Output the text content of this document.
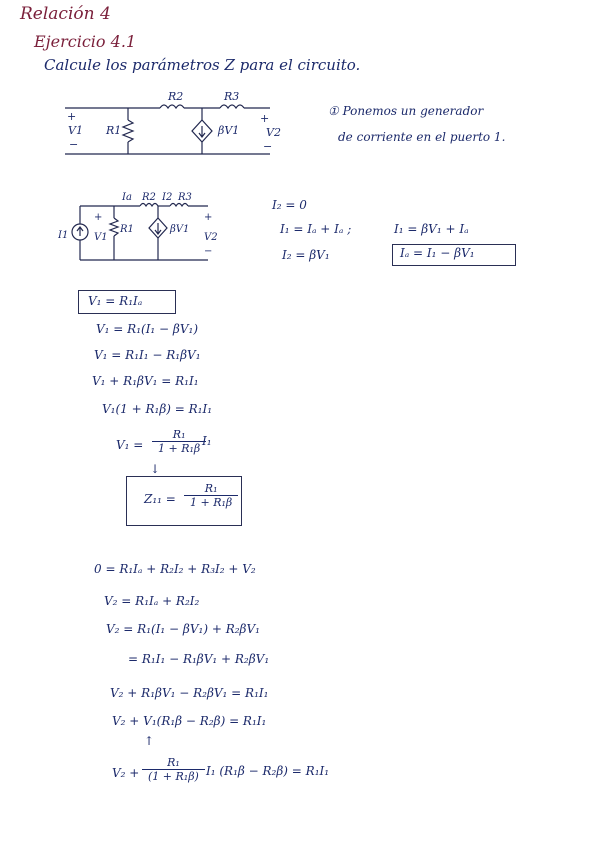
Relación 4
Ejercicio 4.1
Calcule los parámetros Z para el circuito.
R2	R3
+
V1
−
R1	βV1
+
V2
−
① Ponemos un generador
de corriente en el puerto 1.
I1	V1
R1
Ia R2 I2 R3
βV1
V2
+	+
−
I₂ = 0
I₁ = Iₐ + Iₐ ;	I₁ = βV₁ + Iₐ
I₂ = βV₁	Iₐ = I₁ − βV₁
V₁ = R₁Iₐ
V₁ = R₁(I₁ − βV₁)
V₁ = R₁I₁ − R₁βV₁
V₁ + R₁βV₁ = R₁I₁
V₁(1 + R₁β) = R₁I₁
$V_1 = \frac{\text{R₁}}{\text{1 + R₁β}}$
I₁
↓
$Z_{11} = \frac{\text{R₁}}{\text{1 + R₁β}}$
0 = R₁Iₐ + R₂I₂ + R₃I₂ + V₂
V₂ = R₁Iₐ + R₂I₂
V₂ = R₁(I₁ − βV₁) + R₂βV₁
= R₁I₁ − R₁βV₁ + R₂βV₁
V₂ + R₁βV₁ − R₂βV₁ = R₁I₁
V₂ + V₁(R₁β − R₂β) = R₁I₁
↑
$V_2 + \frac{\text{R₁}}{\text{(1 + R₁β)}} I_1$ (R₁β − R₂β) = R₁I₁
